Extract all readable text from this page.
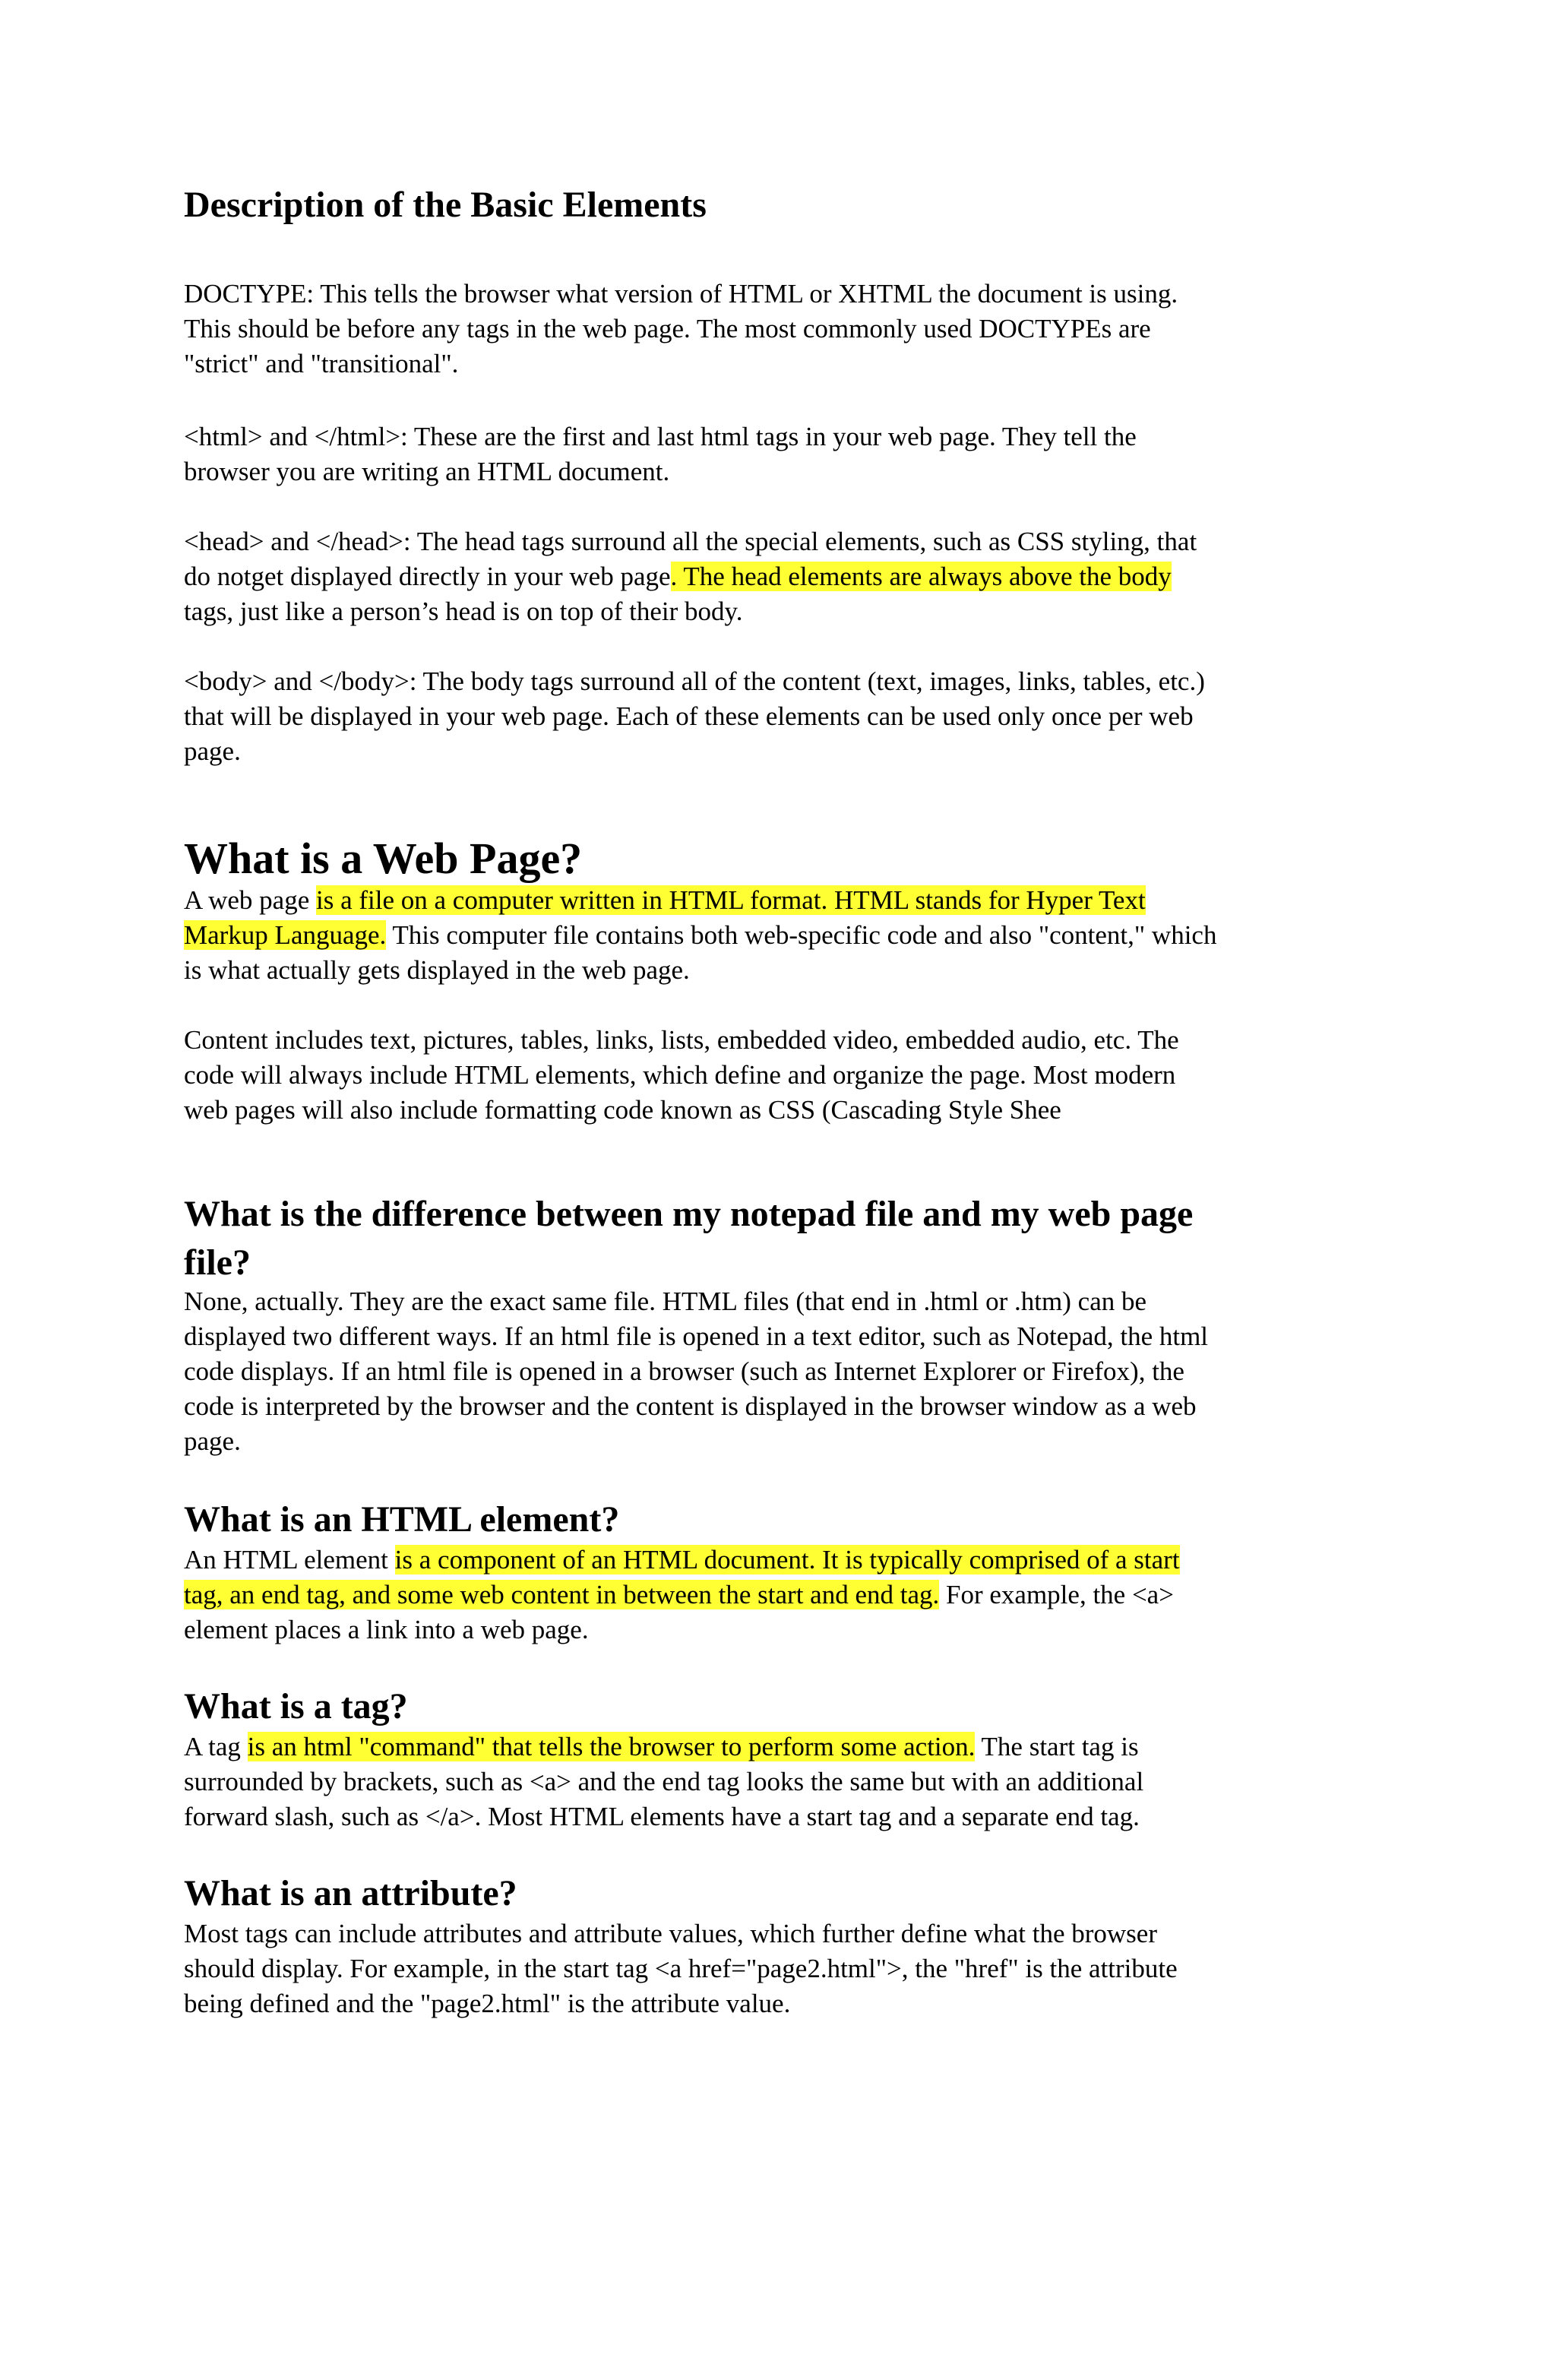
Description of the Basic Elements

DOCTYPE: This tells the browser what version of HTML or XHTML the document is using.
This should be before any tags in the web page. The most commonly used DOCTYPEs are
"strict" and "transitional".

<html> and </html>: These are the first and last html tags in your web page. They tell the
browser you are writing an HTML document.

<head> and </head>: The head tags surround all the special elements, such as CSS styling, that
do notget displayed directly in your web page. The head elements are always above the body
tags, just like a person’s head is on top of their body.

<body> and </body>: The body tags surround all of the content (text, images, links, tables, etc.)
that will be displayed in your web page. Each of these elements can be used only once per web
page.

What is a Web Page?

A web page is a file on a computer written in HTML format. HTML stands for Hyper Text
Markup Language. This computer file contains both web-specific code and also "content," which
is what actually gets displayed in the web page.

Content includes text, pictures, tables, links, lists, embedded video, embedded audio, etc. The
code will always include HTML elements, which define and organize the page. Most modern
web pages will also include formatting code known as CSS (Cascading Style Shee

What is the difference between my notepad file and my web page
file?

None, actually. They are the exact same file. HTML files (that end in .html or .htm) can be
displayed two different ways. If an html file is opened in a text editor, such as Notepad, the html
code displays. If an html file is opened in a browser (such as Internet Explorer or Firefox), the
code is interpreted by the browser and the content is displayed in the browser window as a web
page.

What is an HTML element?

An HTML element is a component of an HTML document. It is typically comprised of a start
tag, an end tag, and some web content in between the start and end tag. For example, the <a>
element places a link into a web page.

What is a tag?

A tag is an html "command" that tells the browser to perform some action. The start tag is
surrounded by brackets, such as <a> and the end tag looks the same but with an additional
forward slash, such as </a>. Most HTML elements have a start tag and a separate end tag.

What is an attribute?

Most tags can include attributes and attribute values, which further define what the browser
should display. For example, in the start tag <a href="page2.html">, the "href" is the attribute
being defined and the "page2.html" is the attribute value.
